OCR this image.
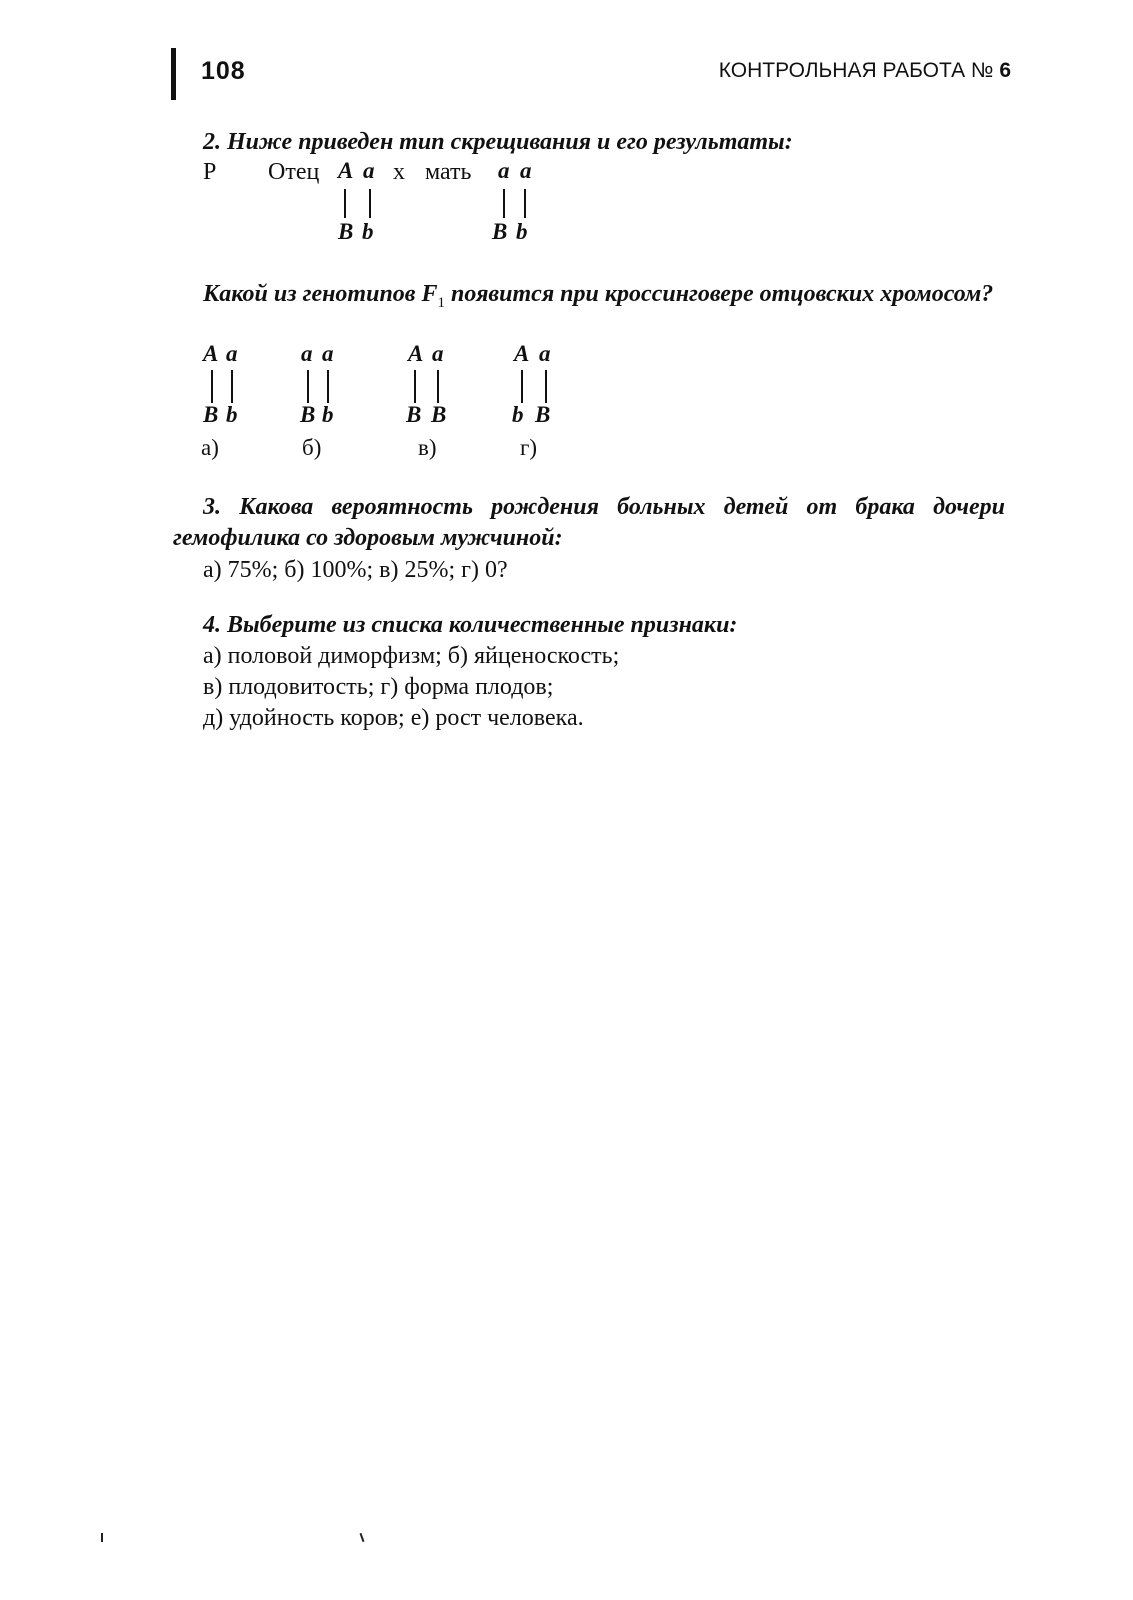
108	КОНТРОЛЬНАЯ РАБОТА № 6
2. Ниже приведен тип скрещивания и его результаты:
Р Отец	х мать
A a
B b
a a
B b

Какой из генотипов $F_1$ появится при кроссинговере отцовских хромосом?

A a
B b
а)
a a
B b
б)
A a
B B
в)
A a
b B
г)

3. Какова вероятность рождения больных детей от брака дочери гемофилика со здоровым мужчиной:

а) 75%; б) 100%; в) 25%; г) 0?

4. Выберите из списка количественные признаки:

а) половой диморфизм; б) яйценоскость;

в) плодовитость; г) форма плодов;

д) удойность коров; е) рост человека.
